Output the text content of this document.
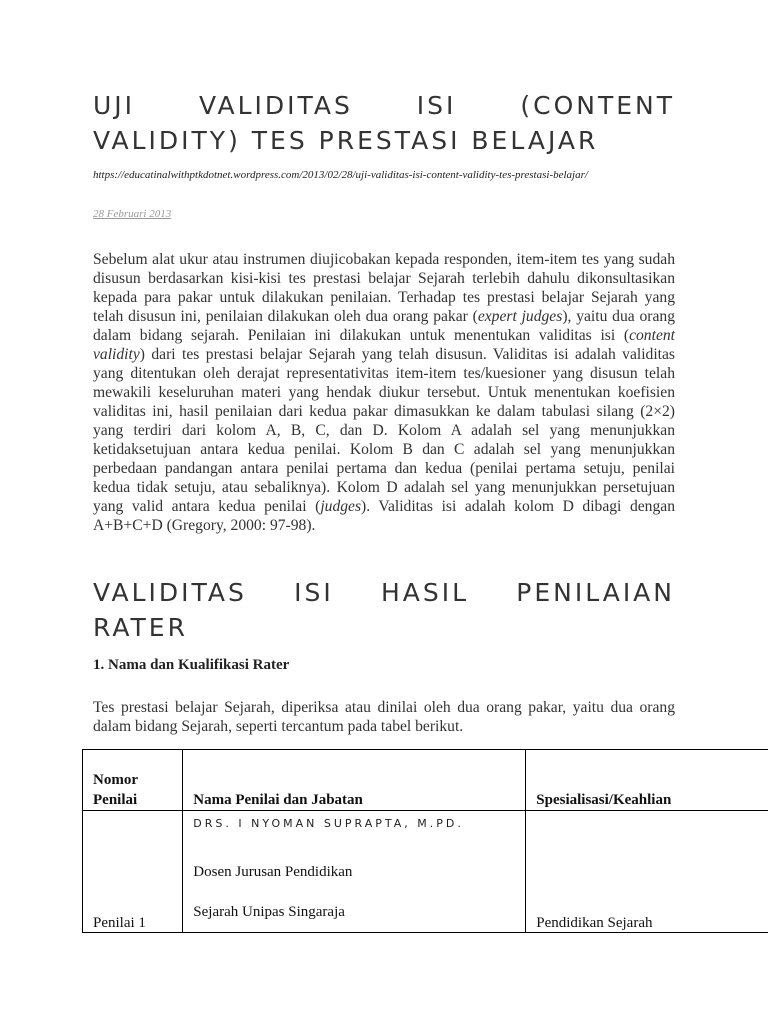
UJI VALIDITAS ISI (CONTENT
VALIDITY) TES PRESTASI BELAJAR
https://educatinalwithptkdotnet.wordpress.com/2013/02/28/uji-validitas-isi-content-validity-tes-prestasi-belajar/
28 Februari 2013

Sebelum alat ukur atau instrumen diujicobakan kepada responden, item-item tes yang sudah disusun berdasarkan kisi-kisi tes prestasi belajar Sejarah terlebih dahulu dikonsultasikan kepada para pakar untuk dilakukan penilaian. Terhadap tes prestasi belajar Sejarah yang telah disusun ini, penilaian dilakukan oleh dua orang pakar (expert judges), yaitu dua orang dalam bidang sejarah. Penilaian ini dilakukan untuk menentukan validitas isi (content validity) dari tes prestasi belajar Sejarah yang telah disusun. Validitas isi adalah validitas yang ditentukan oleh derajat representativitas item-item tes/kuesioner yang disusun telah mewakili keseluruhan materi yang hendak diukur tersebut. Untuk menentukan koefisien validitas ini, hasil penilaian dari kedua pakar dimasukkan ke dalam tabulasi silang (2×2) yang terdiri dari kolom A, B, C, dan D. Kolom A adalah sel yang menunjukkan ketidaksetujuan antara kedua penilai. Kolom B dan C adalah sel yang menunjukkan perbedaan pandangan antara penilai pertama dan kedua (penilai pertama setuju, penilai kedua tidak setuju, atau sebaliknya). Kolom D adalah sel yang menunjukkan persetujuan yang valid antara kedua penilai (judges). Validitas isi adalah kolom D dibagi dengan A+B+C+D (Gregory, 2000: 97-98).

VALIDITAS ISI HASIL PENILAIAN
RATER
1. Nama dan Kualifikasi Rater

Tes prestasi belajar Sejarah, diperiksa atau dinilai oleh dua orang pakar, yaitu dua orang dalam bidang Sejarah, seperti tercantum pada tabel berikut.

Nomor Penilai	Nama Penilai dan Jabatan	Spesialisasi/Keahlian
Penilai 1	DRS. I NYOMAN SUPRAPTA, M.PD.
Dosen Jurusan Pendidikan
Sejarah Unipas Singaraja	Pendidikan Sejarah
